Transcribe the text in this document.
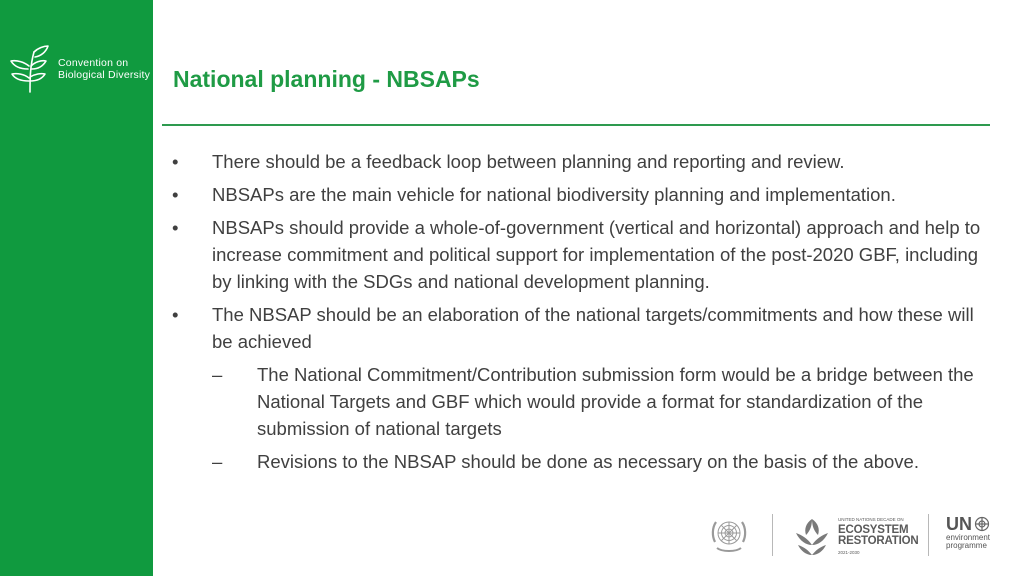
Convention on
Biological Diversity National planning - NBSAPs
•	There should be a feedback loop between planning and reporting and review.
•	NBSAPs are the main vehicle for national biodiversity planning and implementation.
•	NBSAPs should provide a whole-of-government (vertical and horizontal) approach and help to increase commitment and political support for implementation of the post-2020 GBF, including by linking with the SDGs and national development planning.
•	The NBSAP should be an elaboration of the national targets/commitments and how these will be achieved
–	The National Commitment/Contribution submission form would be a bridge between the National Targets and GBF which would provide a format for standardization of the submission of national targets
–	Revisions to the NBSAP should be done as necessary on the basis of the above.
UNITED NATIONS DECADE ON
ECOSYSTEM
RESTORATION
2021-2030
UN
environment
programme
